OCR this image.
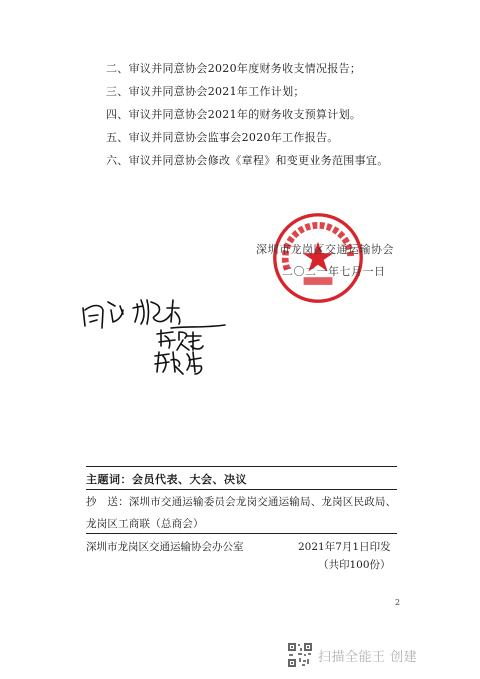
二、审议并同意协会2020年度财务收支情况报告；
三、审议并同意协会2021年工作计划；
四、审议并同意协会2021年的财务收支预算计划。
五、审议并同意协会监事会2020年工作报告。
六、审议并同意协会修改《章程》和变更业务范围事宜。
深圳市龙岗区交通运输协会
二〇二一年七月一日
主题词：会员代表、大会、决议
抄　送：深圳市交通运输委员会龙岗交通运输局、龙岗区民政局、
龙岗区工商联（总商会）
深圳市龙岗区交通运输协会办公室	2021年7月1日印发
（共印100份）
2
扫描全能王 创建
